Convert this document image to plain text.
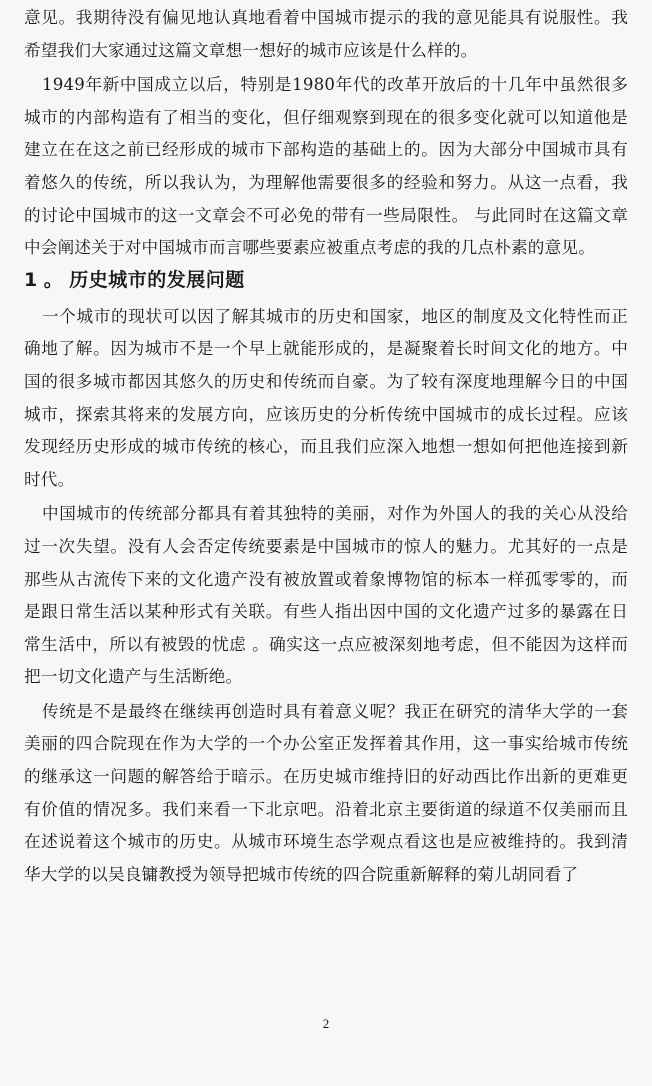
意见。我期待没有偏见地认真地看着中国城市提示的我的意见能具有说服性。我希望我们大家通过这篇文章想一想好的城市应该是什么样的。

1949年新中国成立以后，特别是1980年代的改革开放后的十几年中虽然很多城市的内部构造有了相当的变化，但仔细观察到现在的很多变化就可以知道他是建立在在这之前已经形成的城市下部构造的基础上的。因为大部分中国城市具有着悠久的传统，所以我认为，为理解他需要很多的经验和努力。从这一点看，我的讨论中国城市的这一文章会不可必免的带有一些局限性。 与此同时在这篇文章中会阐述关于对中国城市而言哪些要素应被重点考虑的我的几点朴素的意见。

1 。 历史城市的发展问题

一个城市的现状可以因了解其城市的历史和国家，地区的制度及文化特性而正确地了解。因为城市不是一个早上就能形成的，是凝聚着长时间文化的地方。中国的很多城市都因其悠久的历史和传统而自豪。为了较有深度地理解今日的中国城市，探索其将来的发展方向，应该历史的分析传统中国城市的成长过程。应该发现经历史形成的城市传统的核心，而且我们应深入地想一想如何把他连接到新时代。

中国城市的传统部分都具有着其独特的美丽，对作为外国人的我的关心从没给过一次失望。没有人会否定传统要素是中国城市的惊人的魅力。尤其好的一点是那些从古流传下来的文化遗产没有被放置或着象博物馆的标本一样孤零零的，而是跟日常生活以某种形式有关联。有些人指出因中国的文化遗产过多的暴露在日常生活中，所以有被毁的忧虑 。确实这一点应被深刻地考虑，但不能因为这样而把一切文化遗产与生活断绝。

传统是不是最终在继续再创造时具有着意义呢？我正在研究的清华大学的一套美丽的四合院现在作为大学的一个办公室正发挥着其作用，这一事实给城市传统的继承这一问题的解答给于暗示。在历史城市维持旧的好动西比作出新的更难更有价值的情况多。我们来看一下北京吧。沿着北京主要街道的绿道不仅美丽而且在述说着这个城市的历史。从城市环境生态学观点看这也是应被维持的。我到清华大学的以吴良镛教授为领导把城市传统的四合院重新解释的菊儿胡同看了

2
